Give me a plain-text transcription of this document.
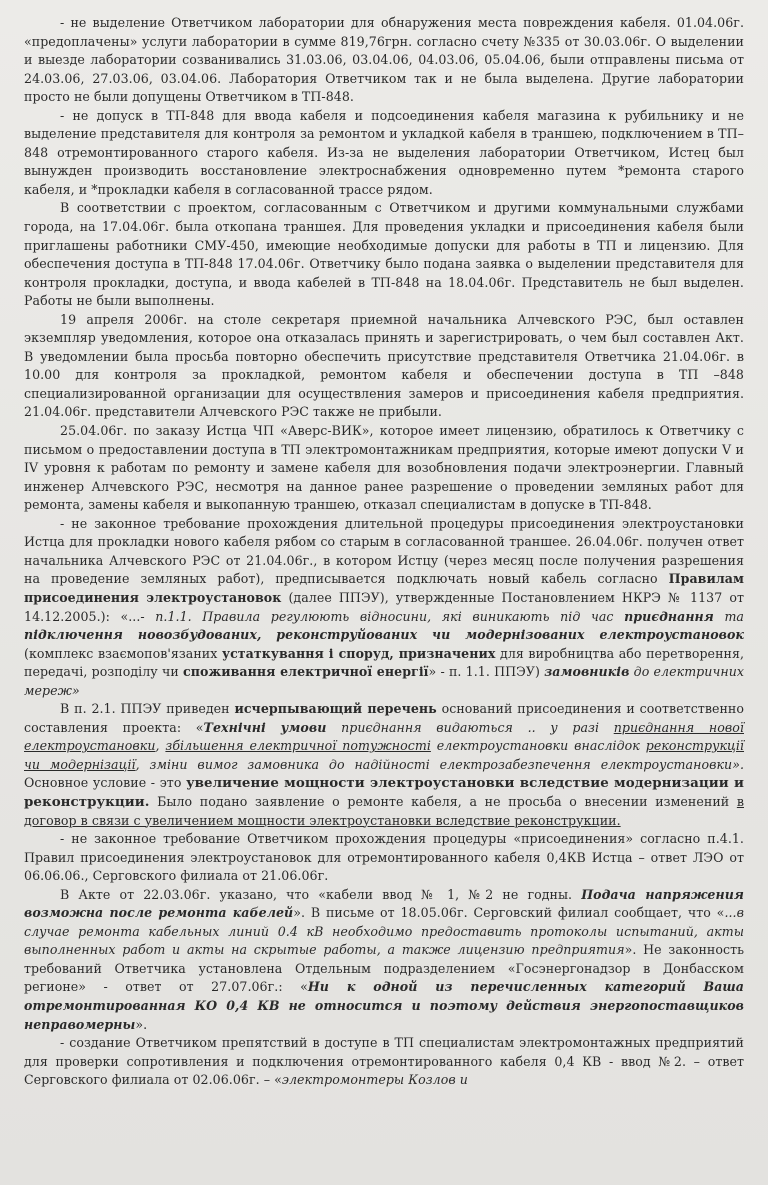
- не выделение Ответчиком лаборатории для обнаружения места повреждения кабеля. 01.04.06г. «предоплачены» услуги лаборатории в сумме 819,76грн. согласно счету №335 от 30.03.06г. О выделении и выезде лаборатории созванивались 31.03.06, 03.04.06, 04.03.06, 05.04.06, были отправлены письма от 24.03.06, 27.03.06, 03.04.06. Лаборатория Ответчиком так и не была выделена. Другие лаборатории просто не были допущены Ответчиком в ТП-848.

- не допуск в ТП-848 для ввода кабеля и подсоединения кабеля магазина к рубильнику и не выделение представителя для контроля за ремонтом и укладкой кабеля в траншею, подключением в ТП–848 отремонтированного старого кабеля. Из-за не выделения лаборатории Ответчиком, Истец был вынужден производить восстановление электроснабжения одновременно путем *ремонта старого кабеля, и *прокладки кабеля в согласованной трассе рядом.

В соответствии с проектом, согласованным с Ответчиком и другими коммунальными службами города, на 17.04.06г. была откопана траншея. Для проведения укладки и присоединения кабеля были приглашены работники СМУ-450, имеющие необходимые допуски для работы в ТП и лицензию. Для обеспечения доступа в ТП-848 17.04.06г. Ответчику было подана заявка о выделении представителя для контроля прокладки, доступа, и ввода кабелей в ТП-848 на 18.04.06г. Представитель не был выделен. Работы не были выполнены.

19 апреля 2006г. на столе секретаря приемной начальника Алчевского РЭС, был оставлен экземпляр уведомления, которое она отказалась принять и зарегистрировать, о чем был составлен Акт. В уведомлении была просьба повторно обеспечить присутствие представителя Ответчика 21.04.06г. в 10.00 для контроля за прокладкой, ремонтом кабеля и обеспечении доступа в ТП –848 специализированной организации для осуществления замеров и присоединения кабеля предприятия. 21.04.06г. представители Алчевского РЭС также не прибыли.

25.04.06г. по заказу Истца ЧП «Аверс-ВИК», которое имеет лицензию, обратилось к Ответчику с письмом о предоставлении доступа в ТП электромонтажникам предприятия, которые имеют допуски V и IV уровня к работам по ремонту и замене кабеля для возобновления подачи электроэнергии. Главный инженер Алчевского РЭС, несмотря на данное ранее разрешение о проведении земляных работ для ремонта, замены кабеля и выкопанную траншею, отказал специалистам в допуске в ТП-848.

- не законное требование прохождения длительной процедуры присоединения электроустановки Истца для прокладки нового кабеля рябом со старым в согласованной траншее. 26.04.06г. получен ответ начальника Алчевского РЭС от 21.04.06г., в котором Истцу (через месяц после получения разрешения на проведение земляных работ), предписывается подключать новый кабель согласно Правилам присоединения электроустановок (далее ППЭУ), утвержденные Постановлением НКРЭ № 1137 от 14.12.2005.): «...- п.1.1. Правила регулюють відносини, які виникають під час приєднання та підключення новозбудованих, реконструйованих чи модернізованих електроустановок (комплекс взаємопов'язаних устаткування і споруд, призначених для виробництва або перетворення, передачі, розподілу чи споживання електричної енергії» - п. 1.1. ППЭУ) замовників до електричних мереж»

В п. 2.1. ППЭУ приведен исчерпывающий перечень оснований присоединения и соответственно составления проекта: «Технічні умови приєднання видаються .. у разі приєднання нової електроустановки, збільшення електричної потужності електроустановки внаслідок реконструкції чи модернізації, зміни вимог замовника до надійності електрозабезпечення електроустановки». Основное условие - это увеличение мощности электроустановки вследствие модернизации и реконструкции. Было подано заявление о ремонте кабеля, а не просьба о внесении изменений в договор в связи с увеличением мощности электроустановки вследствие реконструкции.

- не законное требование Ответчиком прохождения процедуры «присоединения» согласно п.4.1. Правил присоединения электроустановок для отремонтированного кабеля 0,4КВ Истца – ответ ЛЭО от 06.06.06., Серговского филиала от 21.06.06г.

В Акте от 22.03.06г. указано, что «кабели ввод № 1, №2 не годны. Подача напряжения возможна после ремонта кабелей». В письме от 18.05.06г. Серговский филиал сообщает, что «...в случае ремонта кабельных линий 0.4 кВ необходимо предоставить протоколы испытаний, акты выполненных работ и акты на скрытые работы, а также лицензию предприятия». Не законность требований Ответчика установлена Отдельным подразделением «Госэнергонадзор в Донбасском регионе» - ответ от 27.07.06г.: «Ни к одной из перечисленных категорий Ваша отремонтированная КО 0,4 КВ не относится и поэтому действия энергопоставщиков неправомерны».

- создание Ответчиком препятствий в доступе в ТП специалистам электромонтажных предприятий для проверки сопротивления и подключения отремонтированного кабеля 0,4 КВ - ввод №2. – ответ Серговского филиала от 02.06.06г. – «электромонтеры Козлов и
